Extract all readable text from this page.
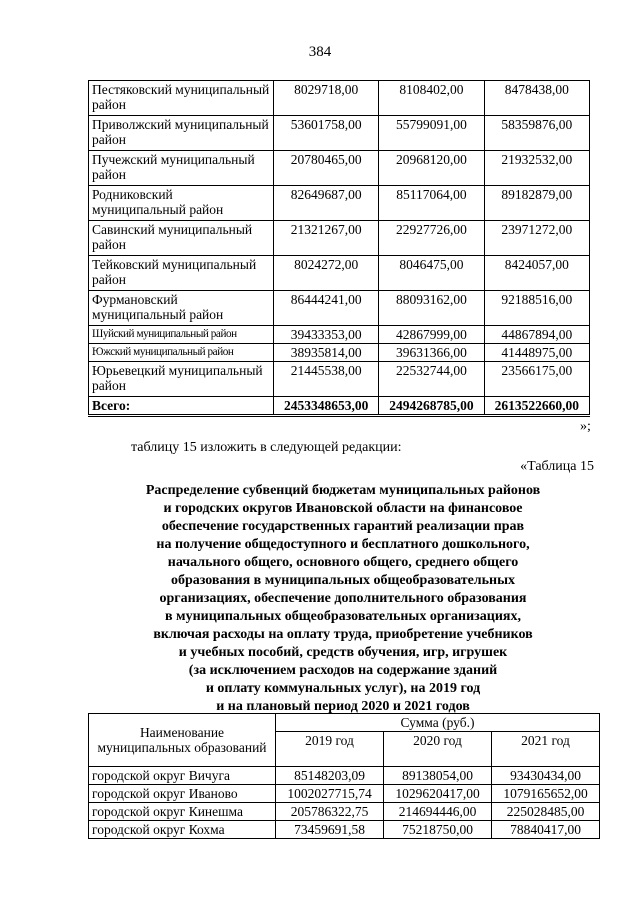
384
Пестяковский муниципальный район	8029718,00	8108402,00	8478438,00
Приволжский муниципальный район	53601758,00	55799091,00	58359876,00
Пучежский муниципальный район	20780465,00	20968120,00	21932532,00
Родниковский муниципальный район	82649687,00	85117064,00	89182879,00
Савинский муниципальный район	21321267,00	22927726,00	23971272,00
Тейковский муниципальный район	8024272,00	8046475,00	8424057,00
Фурмановский муниципальный район	86444241,00	88093162,00	92188516,00
Шуйский муниципальный район	39433353,00	42867999,00	44867894,00
Южский муниципальный район	38935814,00	39631366,00	41448975,00
Юрьевецкий муниципальный район	21445538,00	22532744,00	23566175,00
Всего:	2453348653,00	2494268785,00	2613522660,00
»;
таблицу 15 изложить в следующей редакции:
«Таблица 15
Распределение субвенций бюджетам муниципальных районов
и городских округов Ивановской области на финансовое
обеспечение государственных гарантий реализации прав
на получение общедоступного и бесплатного дошкольного,
начального общего, основного общего, среднего общего
образования в муниципальных общеобразовательных
организациях, обеспечение дополнительного образования
в муниципальных общеобразовательных организациях,
включая расходы на оплату труда, приобретение учебников
и учебных пособий, средств обучения, игр, игрушек
(за исключением расходов на содержание зданий
и оплату коммунальных услуг), на 2019 год
и на плановый период 2020 и 2021 годов
Наименование муниципальных образований	Сумма (руб.)		
	2019 год	2020 год	2021 год
городской округ Вичуга	85148203,09	89138054,00	93430434,00
городской округ Иваново	1002027715,74	1029620417,00	1079165652,00
городской округ Кинешма	205786322,75	214694446,00	225028485,00
городской округ Кохма	73459691,58	75218750,00	78840417,00
